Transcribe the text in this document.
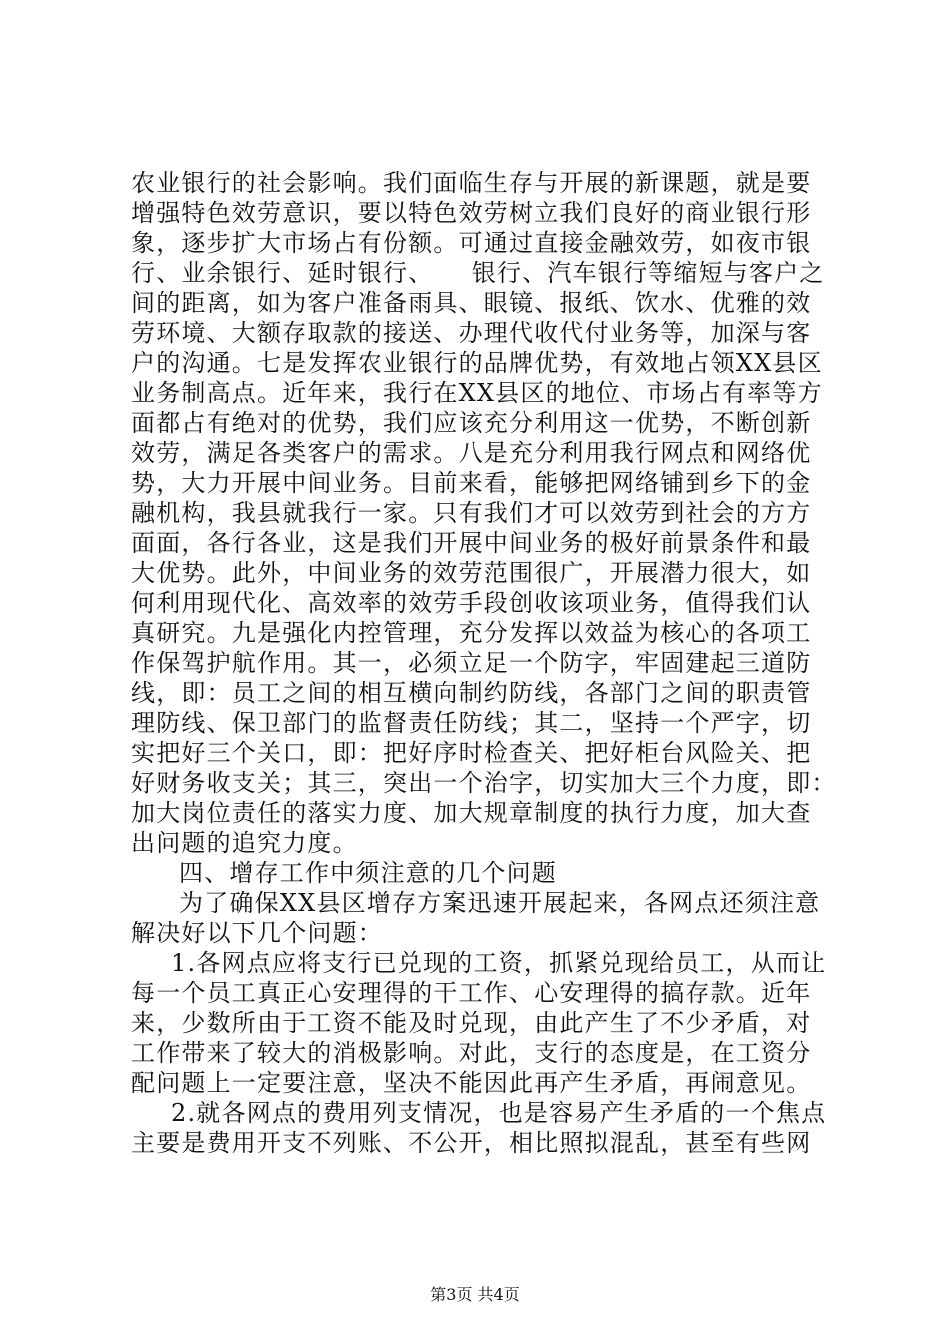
农业银行的社会影响。我们面临生存与开展的新课题，就是要
增强特色效劳意识，要以特色效劳树立我们良好的商业银行形
象，逐步扩大市场占有份额。可通过直接金融效劳，如夜市银
行、业余银行、延时银行、　　银行、汽车银行等缩短与客户之
间的距离，如为客户准备雨具、眼镜、报纸、饮水、优雅的效
劳环境、大额存取款的接送、办理代收代付业务等，加深与客
户的沟通。七是发挥农业银行的品牌优势，有效地占领XX县区
业务制高点。近年来，我行在XX县区的地位、市场占有率等方
面都占有绝对的优势，我们应该充分利用这一优势，不断创新
效劳，满足各类客户的需求。八是充分利用我行网点和网络优
势，大力开展中间业务。目前来看，能够把网络铺到乡下的金
融机构，我县就我行一家。只有我们才可以效劳到社会的方方
面面，各行各业，这是我们开展中间业务的极好前景条件和最
大优势。此外，中间业务的效劳范围很广，开展潜力很大，如
何利用现代化、高效率的效劳手段创收该项业务，值得我们认
真研究。九是强化内控管理，充分发挥以效益为核心的各项工
作保驾护航作用。其一，必须立足一个防字，牢固建起三道防
线，即：员工之间的相互横向制约防线，各部门之间的职责管
理防线、保卫部门的监督责任防线；其二，坚持一个严字，切
实把好三个关口，即：把好序时检查关、把好柜台风险关、把
好财务收支关；其三，突出一个治字，切实加大三个力度，即：
加大岗位责任的落实力度、加大规章制度的执行力度，加大查
出问题的追究力度。
四、增存工作中须注意的几个问题
为了确保XX县区增存方案迅速开展起来，各网点还须注意
解决好以下几个问题：
1.各网点应将支行已兑现的工资，抓紧兑现给员工，从而让
每一个员工真正心安理得的干工作、心安理得的搞存款。近年
来，少数所由于工资不能及时兑现，由此产生了不少矛盾，对
工作带来了较大的消极影响。对此，支行的态度是，在工资分
配问题上一定要注意，坚决不能因此再产生矛盾，再闹意见。
2.就各网点的费用列支情况，也是容易产生矛盾的一个焦点
主要是费用开支不列账、不公开，相比照拟混乱，甚至有些网
第3页 共4页
